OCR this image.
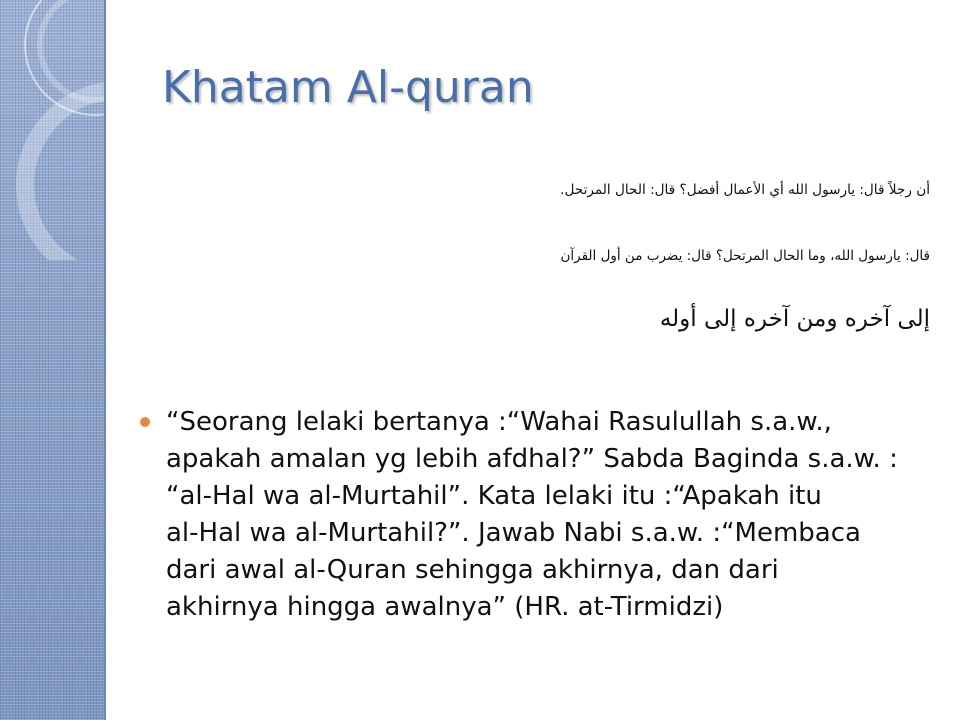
Khatam Al-quran
أن رجلاً قال: يارسول الله أي الأعمال أفضل؟ قال: الحال المرتحل.
قال: يارسول الله، وما الحال المرتحل؟ قال: يضرب من أول القرآن
إلى آخره ومن آخره إلى أوله
“Seorang lelaki bertanya :“Wahai Rasulullah s.a.w.,
apakah amalan yg lebih afdhal?” Sabda Baginda s.a.w. :
“al-Hal wa al-Murtahil”. Kata lelaki itu :“Apakah itu
al-Hal wa al-Murtahil?”. Jawab Nabi s.a.w. :“Membaca
dari awal al-Quran sehingga akhirnya, dan dari
akhirnya hingga awalnya” (HR. at-Tirmidzi)
